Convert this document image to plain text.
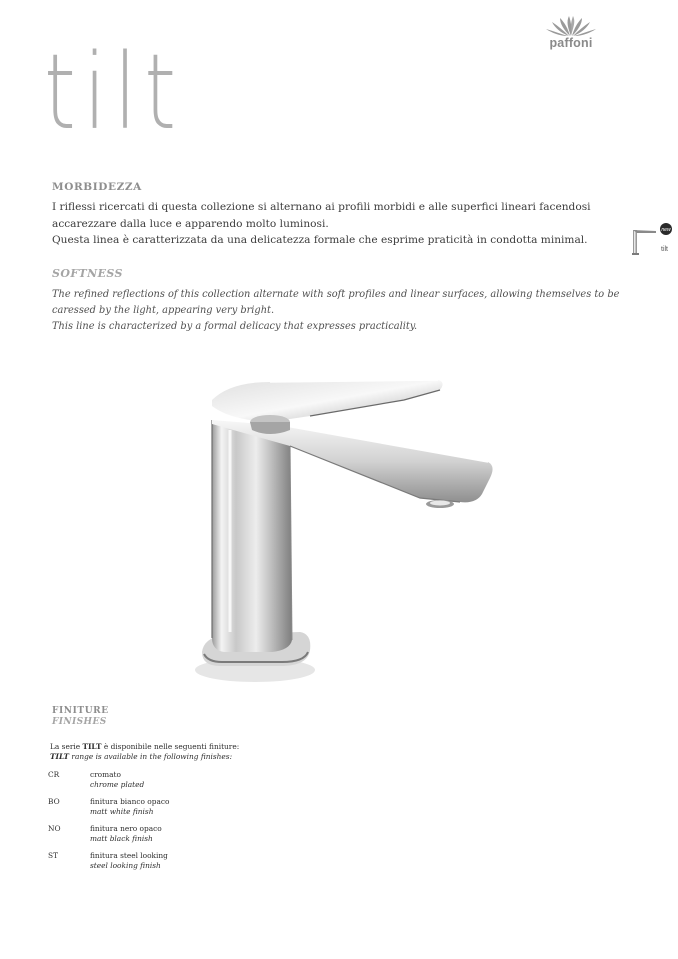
paffoni
tilt
MORBIDEZZA
I riflessi ricercati di questa collezione si alternano ai profili morbidi e alle superfici lineari facendosi
accarezzare dalla luce e apparendo molto luminosi.
Questa linea è caratterizzata da una delicatezza formale che esprime praticità in condotta minimal.
SOFTNESS
The refined reflections of this collection alternate with soft profiles and linear surfaces, allowing themselves to be
caressed by the light, appearing very bright.
This line is characterized by a formal delicacy that expresses practicality.
new
tilt
FINITURE
FINISHES
La serie TILT è disponibile nelle seguenti finiture:
TILT range is available in the following finishes:
CR	cromato
chrome plated
BO	finitura bianco opaco
matt white finish
NO	finitura nero opaco
matt black finish
ST	finitura steel looking
steel looking finish
